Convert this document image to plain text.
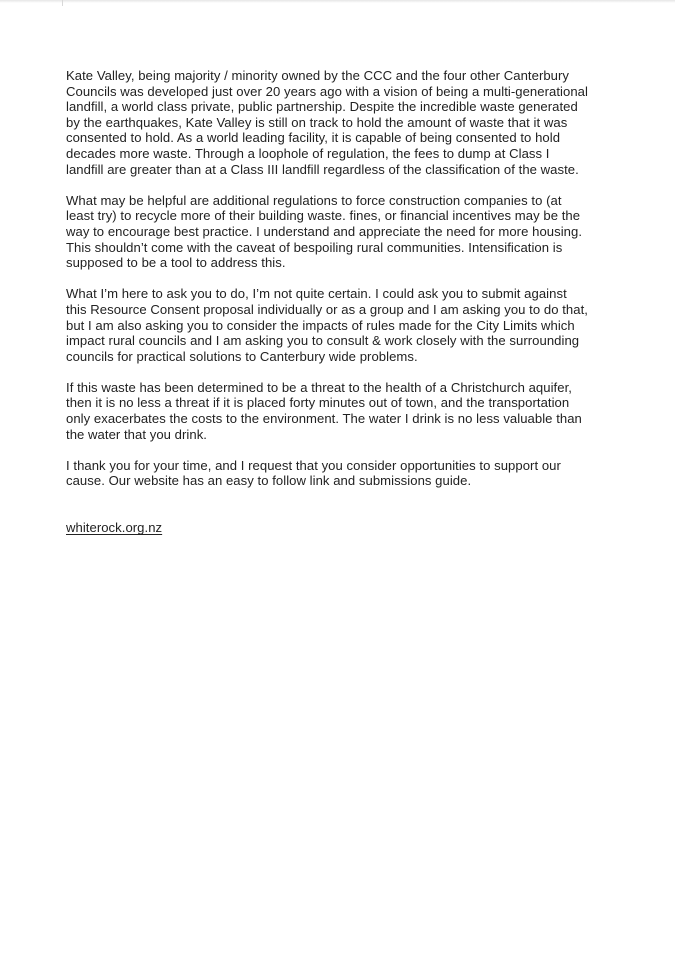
Kate Valley, being majority / minority owned by the CCC and the four other Canterbury
Councils was developed just over 20 years ago with a vision of being a multi-generational
landfill, a world class private, public partnership. Despite the incredible waste generated
by the earthquakes, Kate Valley is still on track to hold the amount of waste that it was
consented to hold. As a world leading facility, it is capable of being consented to hold
decades more waste. Through a loophole of regulation, the fees to dump at Class I
landfill are greater than at a Class III landfill regardless of the classification of the waste.

What may be helpful are additional regulations to force construction companies to (at
least try) to recycle more of their building waste. fines, or financial incentives may be the
way to encourage best practice. I understand and appreciate the need for more housing.
This shouldn’t come with the caveat of bespoiling rural communities. Intensification is
supposed to be a tool to address this.

What I’m here to ask you to do, I’m not quite certain. I could ask you to submit against
this Resource Consent proposal individually or as a group and I am asking you to do that,
but I am also asking you to consider the impacts of rules made for the City Limits which
impact rural councils and I am asking you to consult & work closely with the surrounding
councils for practical solutions to Canterbury wide problems.

If this waste has been determined to be a threat to the health of a Christchurch aquifer,
then it is no less a threat if it is placed forty minutes out of town, and the transportation
only exacerbates the costs to the environment. The water I drink is no less valuable than
the water that you drink.

I thank you for your time, and I request that you consider opportunities to support our
cause. Our website has an easy to follow link and submissions guide.

whiterock.org.nz
